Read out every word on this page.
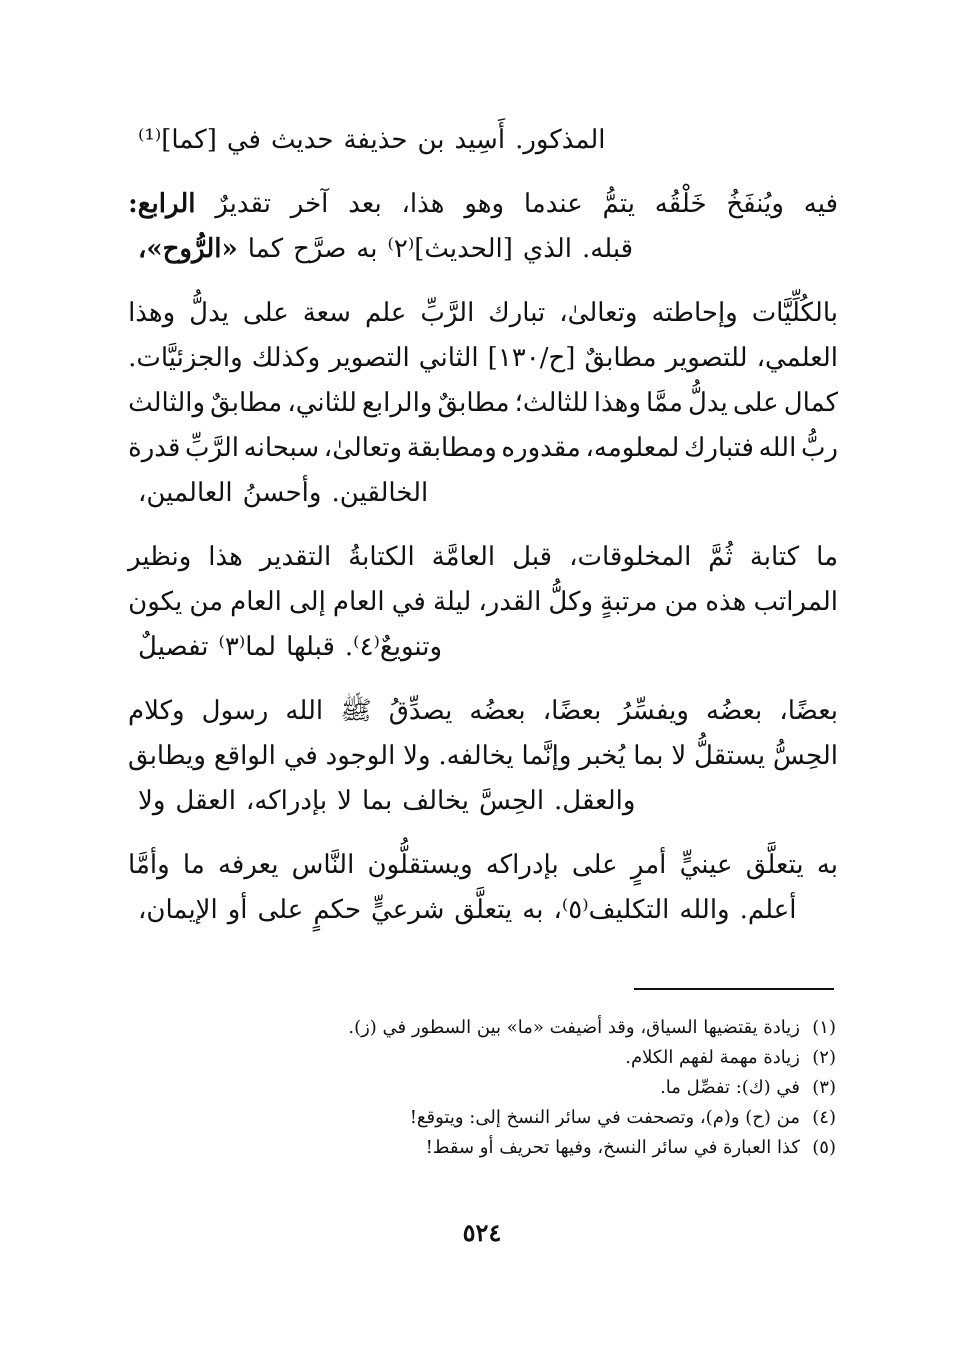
[كما]⁽¹⁾ في حديث حذيفة بن أَسِيد المذكور.
الرابع: تقديرٌ آخر بعد هذا، وهو عندما يتمُّ خَلْقُه ويُنفَخُ فيه
«الرُّوح»، كما صرَّح به [الحديث]⁽٢⁾ الذي قبله.
وهذا يدلُّ على سعة علم الرَّبِّ تبارك وتعالىٰ، وإحاطته بالكُلِّيَّات
والجزئيَّات. وكذلك التصوير الثاني [ح/١٣٠] مطابقٌ للتصوير العلمي،
والثالث مطابقٌ للثاني، والرابع مطابقٌ للثالث؛ وهذا ممَّا يدلُّ على كمال
قدرة الرَّبِّ سبحانه وتعالىٰ، ومطابقة مقدوره لمعلومه، فتبارك الله ربُّ
العالمين، وأحسنُ الخالقين.
ونظير هذا التقدير الكتابةُ العامَّة قبل المخلوقات، ثُمَّ كتابة ما
يكون من العام إلى العام في ليلة القدر، وكلُّ مرتبةٍ من هذه المراتب
تفصيلٌ لما⁽٣⁾ قبلها وتنويعٌ⁽٤⁾.
وكلام رسول الله ﷺ يصدِّقُ بعضُه بعضًا، ويفسِّرُ بعضُه بعضًا،
ويطابق الواقع في الوجود ولا يخالفه. وإنَّما يُخبر بما لا يستقلُّ الحِسُّ
ولا العقل بإدراكه، لا بما يخالف الحِسَّ والعقل.
وأمَّا ما يعرفه النَّاس ويستقلُّون بإدراكه على أمرٍ عينيٍّ يتعلَّق به
الإيمان، أو على حكمٍ شرعيٍّ يتعلَّق به التكليف⁽٥⁾، والله أعلم.
(١)زيادة يقتضيها السياق، وقد أضيفت «ما» بين السطور في (ز).
(٢)زيادة مهمة لفهم الكلام.
(٣)في (ك): تفصِّل ما.
(٤)من (ح) و(م)، وتصحفت في سائر النسخ إلى: ويتوقع!
(٥)كذا العبارة في سائر النسخ، وفيها تحريف أو سقط!
٥٢٤
